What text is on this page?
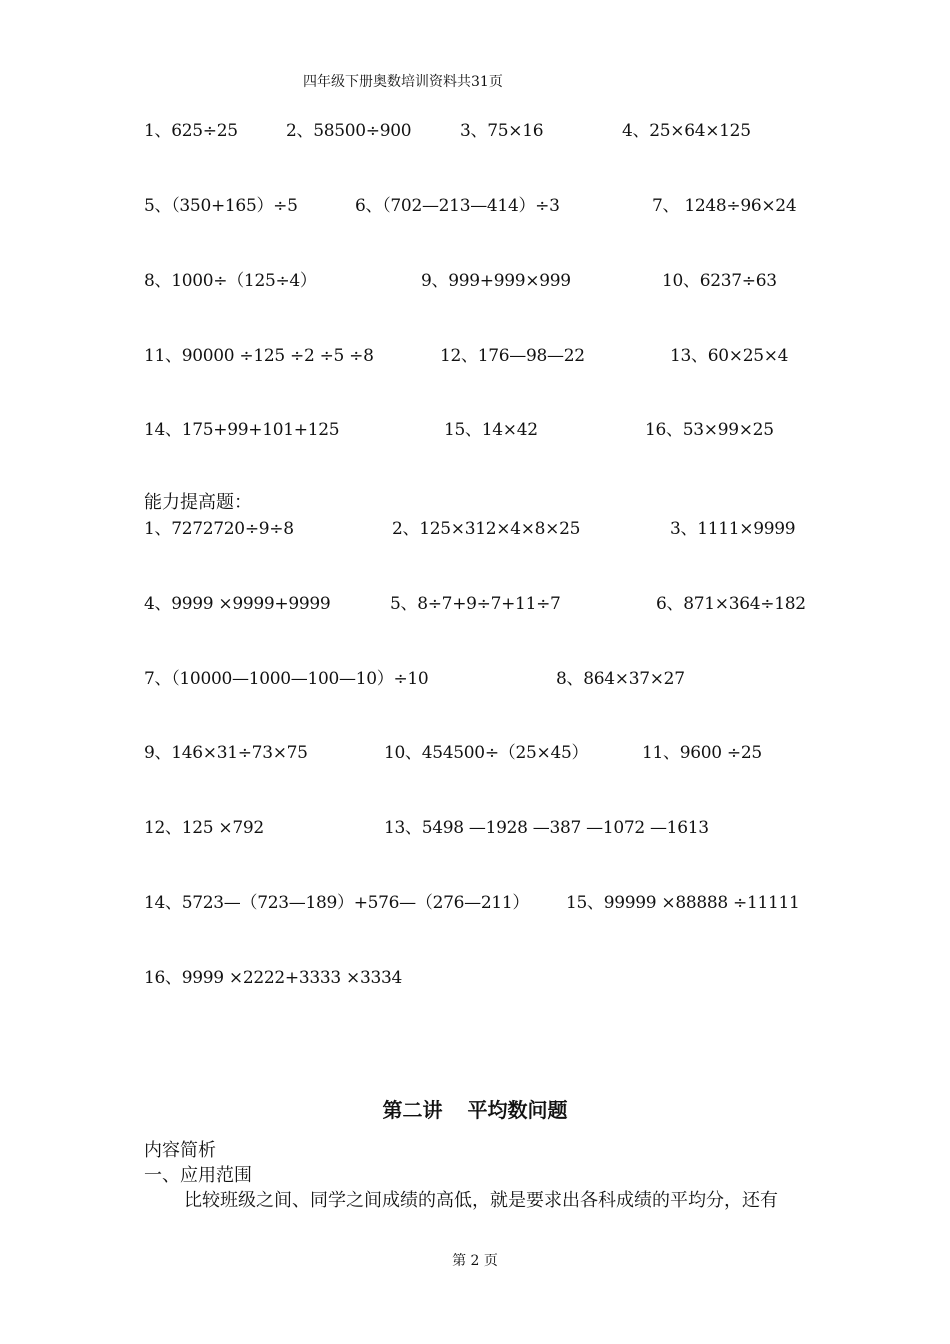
四年级下册奥数培训资料共31页
1、625÷25	2、58500÷900	3、75×16	4、25×64×125
5、（350+165）÷5	6、（702—213—414）÷3	7、 1248÷96×24
8、1000÷（125÷4）	9、999+999×999	10、6237÷63
11、90000 ÷125 ÷2 ÷5 ÷8	12、176—98—22	13、60×25×4
14、175+99+101+125	15、14×42	16、53×99×25
能力提高题：
1、7272720÷9÷8	2、125×312×4×8×25	3、1111×9999
4、9999 ×9999+9999	5、8÷7+9÷7+11÷7	6、871×364÷182
7、（10000—1000—100—10）÷10	8、864×37×27
9、146×31÷73×75	10、454500÷（25×45）	11、9600 ÷25
12、125 ×792	13、5498 —1928 —387 —1072 —1613
14、5723—（723—189）+576—（276—211） 15、99999 ×88888 ÷11111
16、9999 ×2222+3333 ×3334
第二讲 平均数问题
内容简析
一、应用范围
比较班级之间、同学之间成绩的高低，就是要求出各科成绩的平均分，还有
第 2 页
